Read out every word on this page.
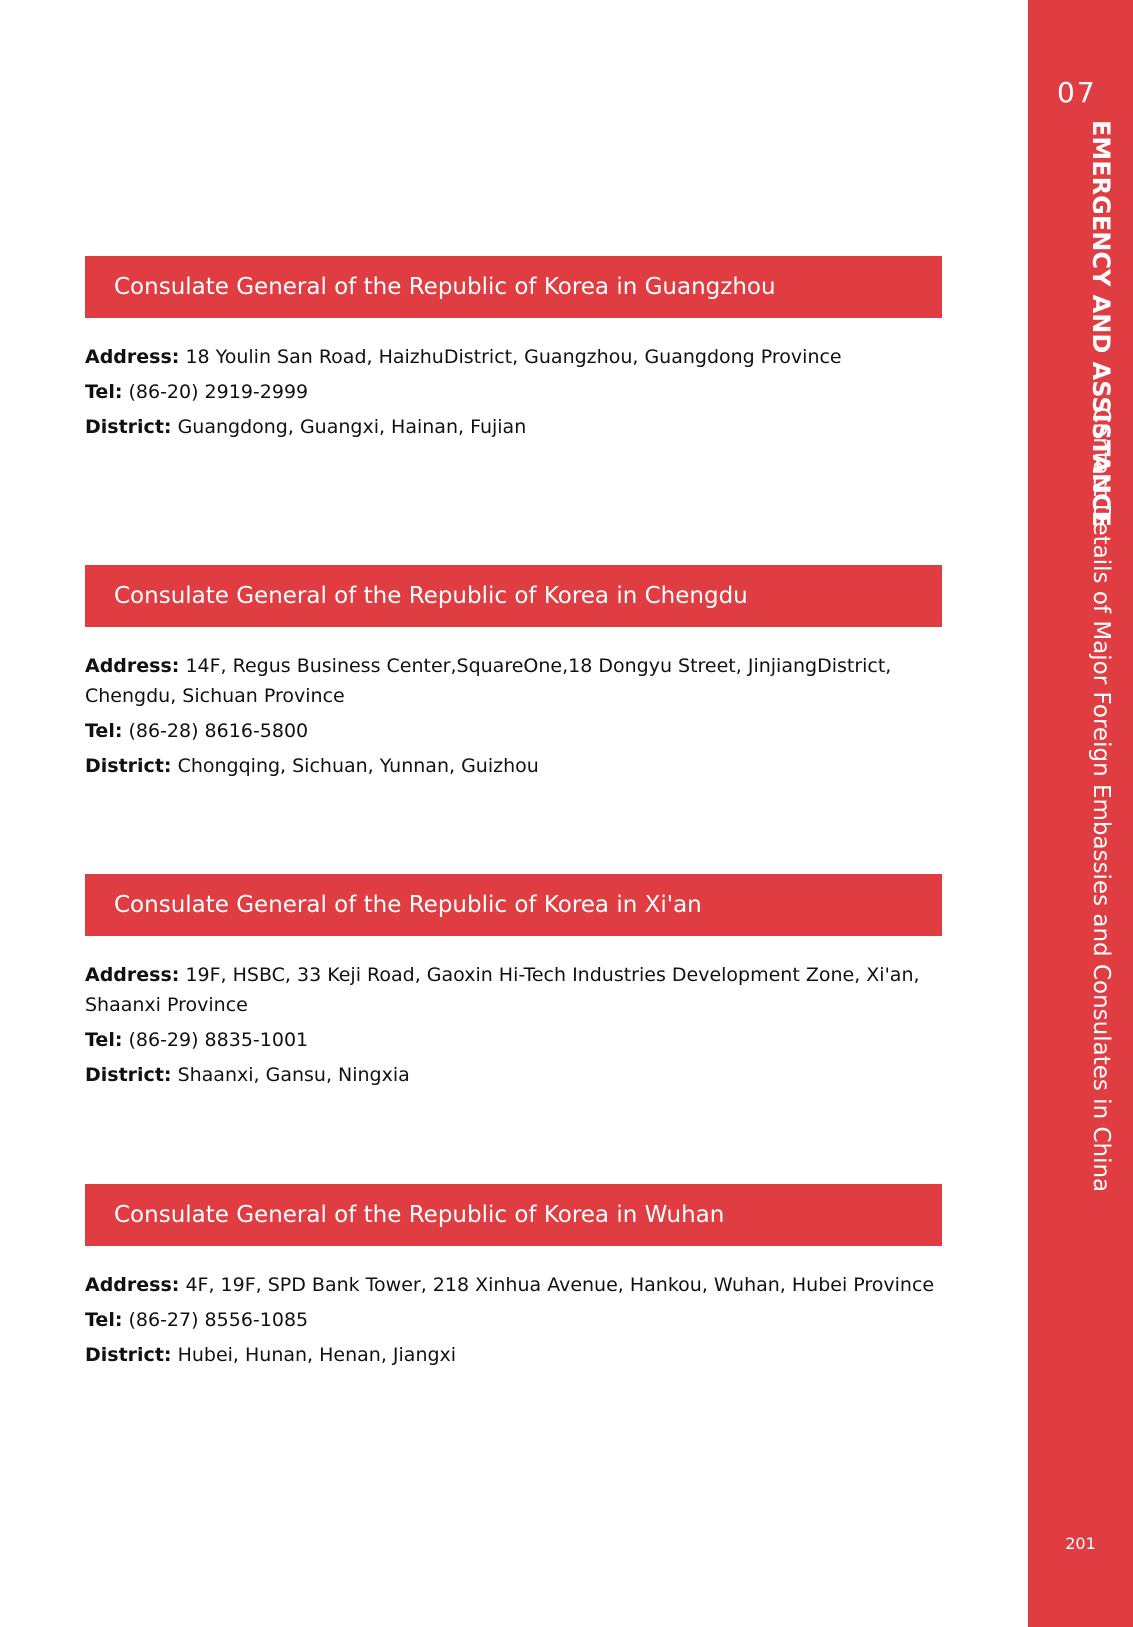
07
EMERGENCY AND ASSISTANCE
Contact Details of Major Foreign Embassies and Consulates in China
201
Consulate General of the Republic of Korea in Guangzhou
Address: 18 Youlin San Road, HaizhuDistrict, Guangzhou, Guangdong Province
Tel: (86-20) 2919-2999
District: Guangdong, Guangxi, Hainan, Fujian
Consulate General of the Republic of Korea in Chengdu
Address: 14F, Regus Business Center,SquareOne,18 Dongyu Street, JinjiangDistrict, Chengdu, Sichuan Province
Tel: (86-28) 8616-5800
District: Chongqing, Sichuan, Yunnan, Guizhou
Consulate General of the Republic of Korea in Xi'an
Address: 19F, HSBC, 33 Keji Road, Gaoxin Hi-Tech Industries Development Zone, Xi'an, Shaanxi Province
Tel: (86-29) 8835-1001
District: Shaanxi, Gansu, Ningxia
Consulate General of the Republic of Korea in Wuhan
Address: 4F, 19F, SPD Bank Tower, 218 Xinhua Avenue, Hankou, Wuhan, Hubei Province
Tel: (86-27) 8556-1085
District: Hubei, Hunan, Henan, Jiangxi
